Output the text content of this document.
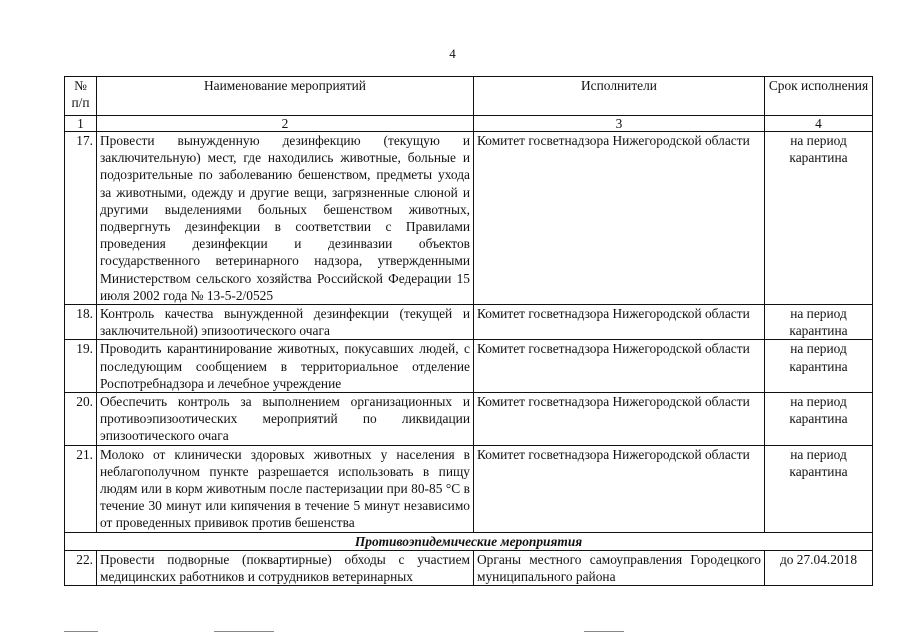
4
№ п/п	Наименование мероприятий	Исполнители	Срок исполнения
1	2	3	4
17.	Провести вынужденную дезинфекцию (текущую и заключительную) мест, где находились животные, больные и подозрительные по заболеванию бешенством, предметы ухода за животными, одежду и другие вещи, загрязненные слюной и другими выделениями больных бешенством животных, подвергнуть дезинфекции в соответствии с Правилами проведения дезинфекции и дезинвазии объектов государственного ветеринарного надзора, утвержденными Министерством сельского хозяйства Российской Федерации 15 июля 2002 года № 13-5-2/0525	Комитет госветнадзора Нижегородской области	на период карантина
18.	Контроль качества вынужденной дезинфекции (текущей и заключительной) эпизоотического очага	Комитет госветнадзора Нижегородской области	на период карантина
19.	Проводить карантинирование животных, покусавших людей, с последующим сообщением в территориальное отделение Роспотребнадзора и лечебное учреждение	Комитет госветнадзора Нижегородской области	на период карантина
20.	Обеспечить контроль за выполнением организационных и противоэпизоотических мероприятий по ликвидации эпизоотического очага	Комитет госветнадзора Нижегородской области	на период карантина
21.	Молоко от клинически здоровых животных у населения в неблагополучном пункте разрешается использовать в пищу людям или в корм животным после пастеризации при 80-85 °С в течение 30 минут или кипячения в течение 5 минут независимо от проведенных прививок против бешенства	Комитет госветнадзора Нижегородской области	на период карантина
Противоэпидемические мероприятия			
22.	Провести подворные (поквартирные) обходы с участием медицинских работников и сотрудников ветеринарных	Органы местного самоуправления Городецкого муниципального района	до 27.04.2018
